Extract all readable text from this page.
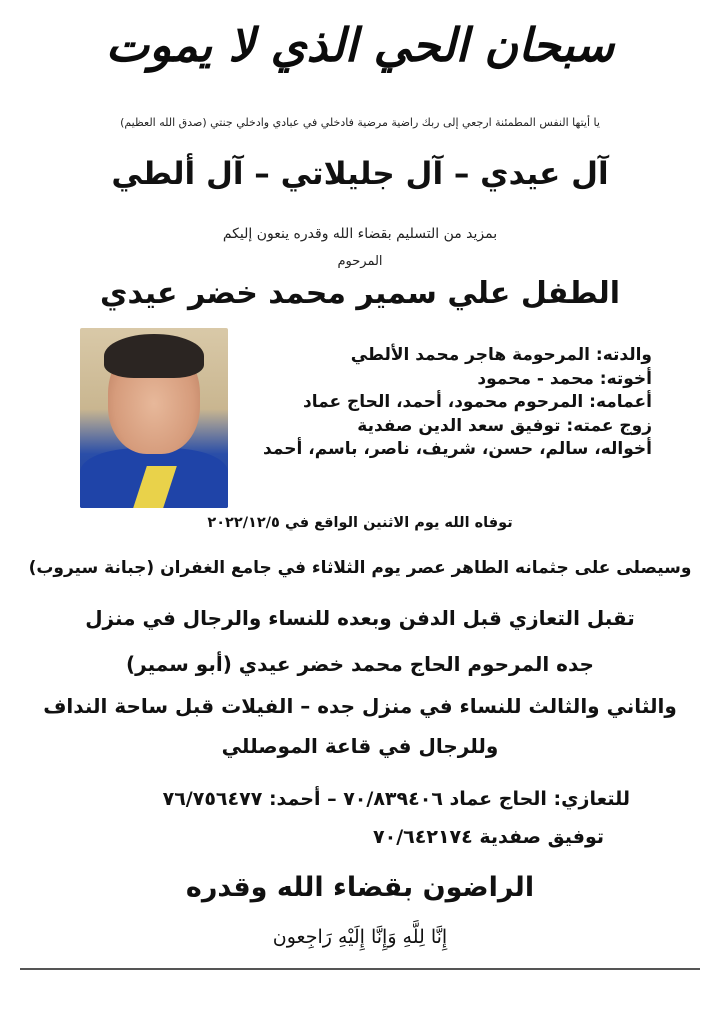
سبحان الحي الذي لا يموت
يا أيتها النفس المطمئنة ارجعي إلى ربك راضية مرضية فادخلي في عبادي وادخلي جنتي (صدق الله العظيم)
آل عيدي – آل جليلاتي – آل ألطي
بمزيد من التسليم بقضاء الله وقدره ينعون إليكم
المرحوم
الطفل علي سمير محمد خضر عيدي
والدته: المرحومة هاجر محمد الألطي
أخوته: محمد - محمود
أعمامه: المرحوم محمود، أحمد، الحاج عماد
زوج عمته: توفيق سعد الدين صفدية
أخواله، سالم، حسن، شريف، ناصر، باسم، أحمد
توفاه الله يوم الاثنين الواقع في ٢٠٢٢/١٢/٥
وسيصلى على جثمانه الطاهر عصر يوم الثلاثاء في جامع الغفران (جبانة سيروب)
تقبل التعازي قبل الدفن وبعده للنساء والرجال في منزل
جده المرحوم الحاج محمد خضر عيدي (أبو سمير)
والثاني والثالث للنساء في منزل جده – الفيلات قبل ساحة النداف
وللرجال في قاعة الموصللي
للتعازي: الحاج عماد ٧٠/٨٣٩٤٠٦ – أحمد: ٧٦/٧٥٦٤٧٧
توفيق صفدية ٧٠/٦٤٢١٧٤
الراضون بقضاء الله وقدره
إِنَّا لِلَّهِ وَإِنَّا إِلَيْهِ رَاجِعون
